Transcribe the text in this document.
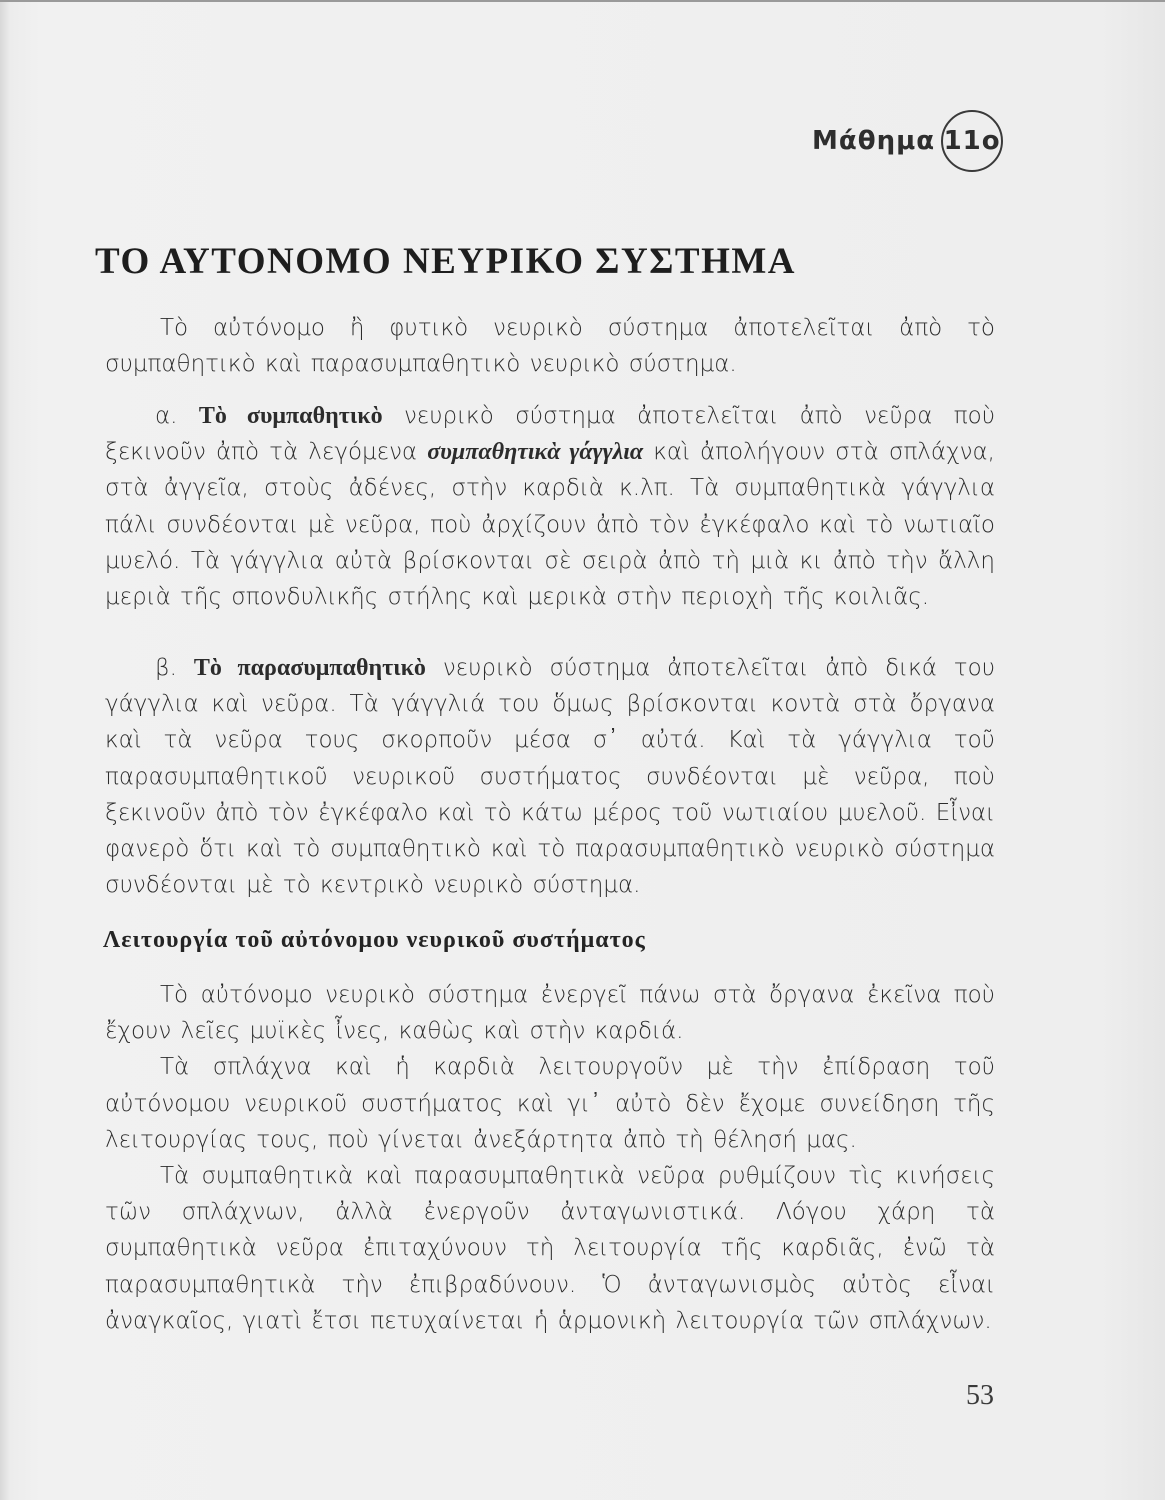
Μάθημα 11ο
ΤΟ ΑΥΤΟΝΟΜΟ ΝΕΥΡΙΚΟ ΣΥΣΤΗΜΑ

Τὸ αὐτόνομο ἢ φυτικὸ νευρικὸ σύστημα ἀποτελεῖται ἀπὸ τὸ συμπαθητικὸ καὶ παρασυμπαθητικὸ νευρικὸ σύστημα.

α. Τὸ συμπαθητικὸ νευρικὸ σύστημα ἀποτελεῖται ἀπὸ νεῦρα ποὺ ξεκινοῦν ἀπὸ τὰ λεγόμενα συμπαθητικὰ γάγγλια καὶ ἀπολήγουν στὰ σπλάχνα, στὰ ἀγγεῖα, στοὺς ἀδένες, στὴν καρδιὰ κ.λπ. Τὰ συμπαθητικὰ γάγγλια πάλι συνδέονται μὲ νεῦρα, ποὺ ἀρχίζουν ἀπὸ τὸν ἐγκέφαλο καὶ τὸ νωτιαῖο μυελό. Τὰ γάγγλια αὐτὰ βρίσκονται σὲ σειρὰ ἀπὸ τὴ μιὰ κι ἀπὸ τὴν ἄλλη μεριὰ τῆς σπονδυλικῆς στήλης καὶ μερικὰ στὴν περιοχὴ τῆς κοιλιᾶς.

β. Τὸ παρασυμπαθητικὸ νευρικὸ σύστημα ἀποτελεῖται ἀπὸ δικά του γάγγλια καὶ νεῦρα. Τὰ γάγγλιά του ὅμως βρίσκονται κοντὰ στὰ ὄργανα καὶ τὰ νεῦρα τους σκορποῦν μέσα σ᾽ αὐτά. Καὶ τὰ γάγγλια τοῦ παρασυμπαθητικοῦ νευρικοῦ συστήματος συνδέονται μὲ νεῦρα, ποὺ ξεκινοῦν ἀπὸ τὸν ἐγκέφαλο καὶ τὸ κάτω μέρος τοῦ νωτιαίου μυελοῦ. Εἶναι φανερὸ ὅτι καὶ τὸ συμπαθητικὸ καὶ τὸ παρασυμπαθητικὸ νευρικὸ σύστημα συνδέονται μὲ τὸ κεντρικὸ νευρικὸ σύστημα.

Λειτουργία τοῦ αὐτόνομου νευρικοῦ συστήματος

Τὸ αὐτόνομο νευρικὸ σύστημα ἐνεργεῖ πάνω στὰ ὄργανα ἐκεῖνα ποὺ ἔχουν λεῖες μυϊκὲς ἶνες, καθὼς καὶ στὴν καρδιά.

Τὰ σπλάχνα καὶ ἡ καρδιὰ λειτουργοῦν μὲ τὴν ἐπίδραση τοῦ αὐτόνομου νευρικοῦ συστήματος καὶ γι᾽ αὐτὸ δὲν ἔχομε συνείδηση τῆς λειτουργίας τους, ποὺ γίνεται ἀνεξάρτητα ἀπὸ τὴ θέλησή μας.

Τὰ συμπαθητικὰ καὶ παρασυμπαθητικὰ νεῦρα ρυθμίζουν τὶς κινήσεις τῶν σπλάχνων, ἀλλὰ ἐνεργοῦν ἀνταγωνιστικά. Λόγου χάρη τὰ συμπαθητικὰ νεῦρα ἐπιταχύνουν τὴ λειτουργία τῆς καρδιᾶς, ἐνῶ τὰ παρασυμπαθητικὰ τὴν ἐπιβραδύνουν. Ὁ ἀνταγωνισμὸς αὐτὸς εἶναι ἀναγκαῖος, γιατὶ ἔτσι πετυχαίνεται ἡ ἁρμονικὴ λειτουργία τῶν σπλάχνων.

53
